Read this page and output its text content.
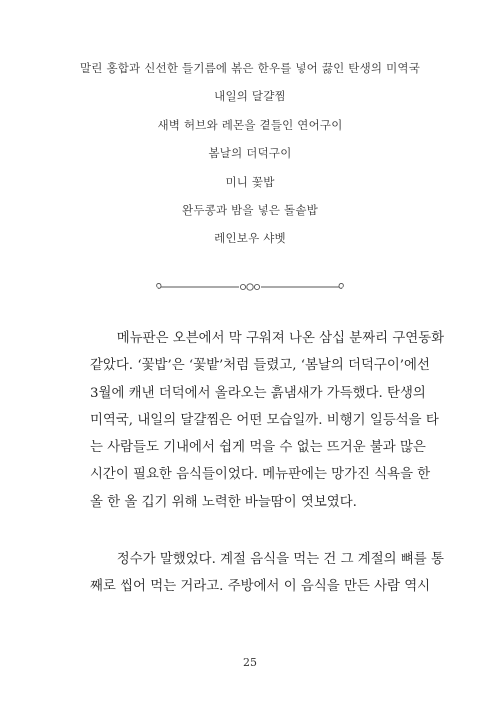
말린 홍합과 신선한 들기름에 볶은 한우를 넣어 끓인 탄생의 미역국
내일의 달걀찜
새벽 허브와 레몬을 곁들인 연어구이
봄날의 더덕구이
미니 꽃밥
완두콩과 밤을 넣은 돌솥밥
레인보우 샤벳

메뉴판은 오븐에서 막 구워져 나온 삼십 분짜리 구연동화

같았다. ‘꽃밥’은 ‘꽃밭’처럼 들렸고, ‘봄날의 더덕구이’에선
3월에 캐낸 더덕에서 올라오는 흙냄새가 가득했다. 탄생의
미역국, 내일의 달걀찜은 어떤 모습일까. 비행기 일등석을 타
는 사람들도 기내에서 쉽게 먹을 수 없는 뜨거운 불과 많은
시간이 필요한 음식들이었다. 메뉴판에는 망가진 식욕을 한
올 한 올 깁기 위해 노력한 바늘땀이 엿보였다.

정수가 말했었다. 계절 음식을 먹는 건 그 계절의 뼈를 통

째로 씹어 먹는 거라고. 주방에서 이 음식을 만든 사람 역시

25
